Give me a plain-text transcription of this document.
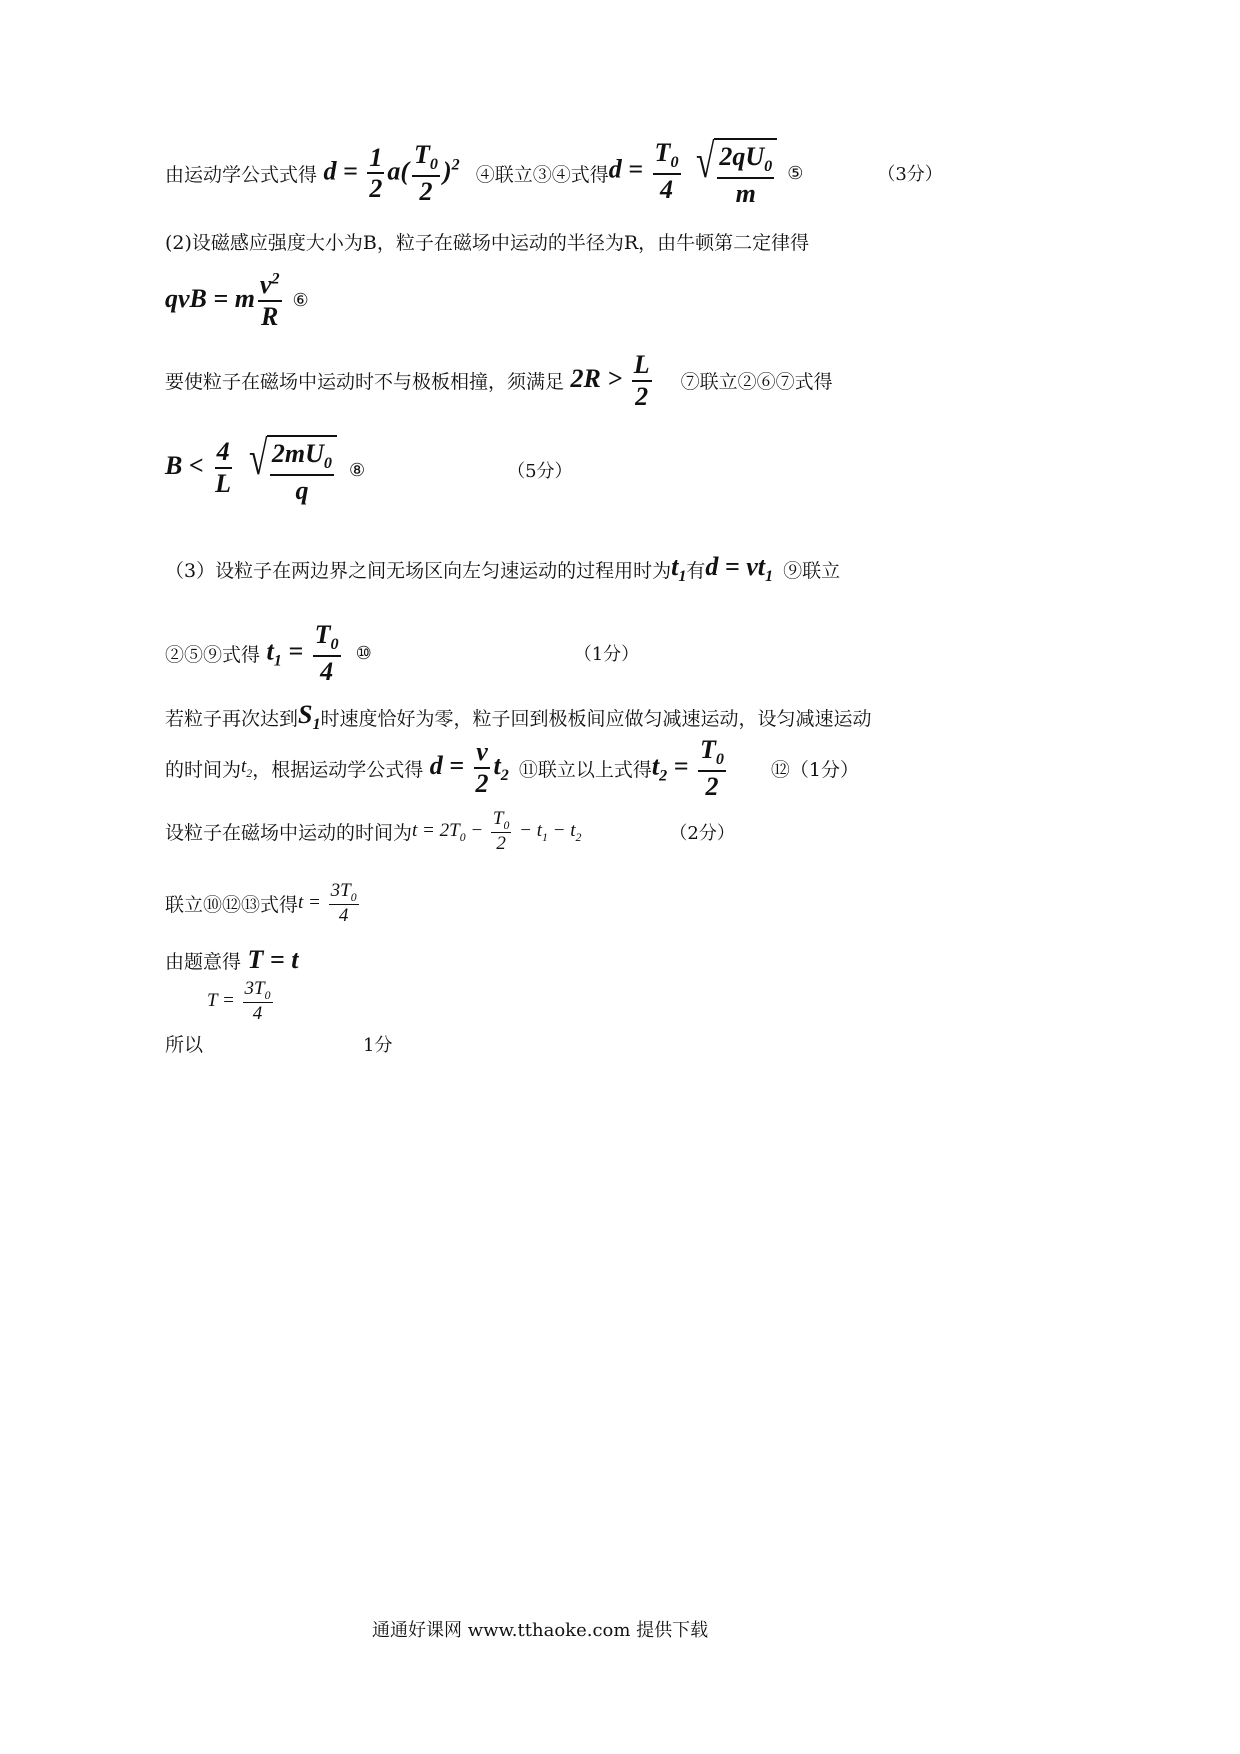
由运动学公式式得 $d = \frac{1}{2} a( \frac{T_0}{2} )^2$ ④联立③④式得 $d = \frac{T_0}{4}$
√ $\frac{2qU_0}{m}$ ⑤	（3分）
(2)设磁感应强度大小为B，粒子在磁场中运动的半径为R，由牛顿第二定律得
qvB = m $\frac{v^2}{R}$ ⑥
要使粒子在磁场中运动时不与极板相撞，须满足 $2R > \frac{L}{2}$ ⑦联立②⑥⑦式得
$B < \frac{4}{L}$
√ $\frac{2mU_0}{q}$ ⑧	（5分）
（3）设粒子在两边界之间无场区向左匀速运动的过程用时为 $t_1$ 有 $d = vt_1$ ⑨联立
②⑤⑨式得 $t_1 = \frac{T_0}{4}$ ⑩	（1分）
若粒子再次达到 $S_1$ 时速度恰好为零，粒子回到极板间应做匀减速运动，设匀减速运动
的时间为 $t_2$ ，根据运动学公式得 $d = \frac{v}{2} t_2$ ⑪联立以上式得 $t_2 = \frac{T_0}{2}$ ⑫（1分）
设粒子在磁场中运动的时间为 $t = 2T_0 - \frac{T_0}{2} - t_1 - t_2$	（2分）
联立⑩⑫⑬式得 $t = \frac{3T_0}{4}$
由题意得 T = t
$T = \frac{3T_0}{4}$
所以	1分
通通好课网 www.tthaoke.com 提供下载
